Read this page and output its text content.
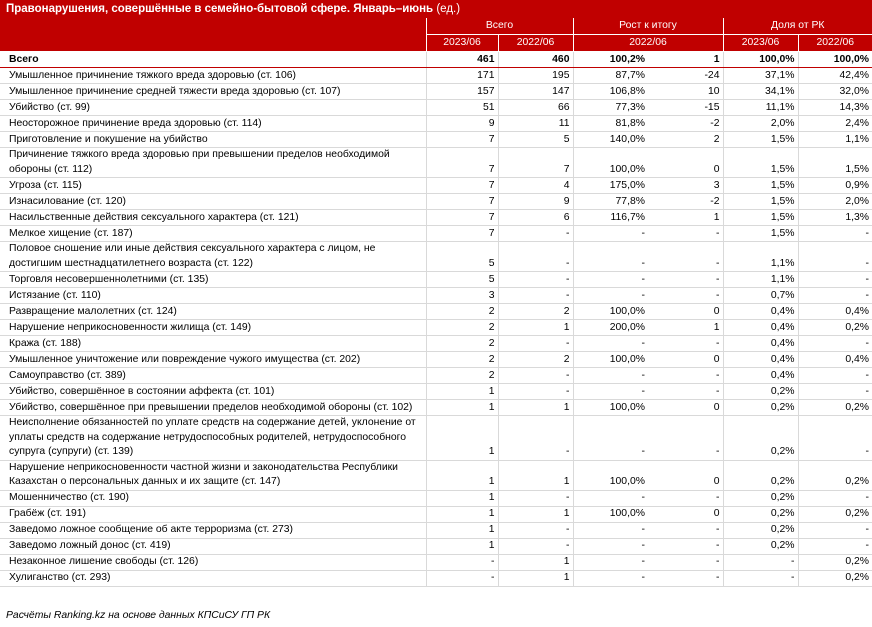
Правонарушения, совершённые в семейно-бытовой сфере. Январь–июнь (ед.)
	Всего		Рост к итогу		Доля от РК	
	2023/06	2022/06	2022/06		2023/06	2022/06
Всего	461	460	100,2%	1	100,0%	100,0%
Умышленное причинение тяжкого вреда здоровью (ст. 106)	171	195	87,7%	-24	37,1%	42,4%
Умышленное причинение средней тяжести вреда здоровью (ст. 107)	157	147	106,8%	10	34,1%	32,0%
Убийство (ст. 99)	51	66	77,3%	-15	11,1%	14,3%
Неосторожное причинение вреда здоровью (ст. 114)	9	11	81,8%	-2	2,0%	2,4%
Приготовление и покушение на убийство	7	5	140,0%	2	1,5%	1,1%
Причинение тяжкого вреда здоровью при превышении пределов необходимой обороны (ст. 112)	7	7	100,0%	0	1,5%	1,5%
Угроза (ст. 115)	7	4	175,0%	3	1,5%	0,9%
Изнасилование (ст. 120)	7	9	77,8%	-2	1,5%	2,0%
Насильственные действия сексуального характера (ст. 121)	7	6	116,7%	1	1,5%	1,3%
Мелкое хищение (ст. 187)	7	-	-	-	1,5%	-
Половое сношение или иные действия сексуального характера с лицом, не достигшим шестнадцатилетнего возраста (ст. 122)	5	-	-	-	1,1%	-
Торговля несовершеннолетними (ст. 135)	5	-	-	-	1,1%	-
Истязание (ст. 110)	3	-	-	-	0,7%	-
Развращение малолетних (ст. 124)	2	2	100,0%	0	0,4%	0,4%
Нарушение неприкосновенности жилища (ст. 149)	2	1	200,0%	1	0,4%	0,2%
Кража (ст. 188)	2	-	-	-	0,4%	-
Умышленное уничтожение или повреждение чужого имущества (ст. 202)	2	2	100,0%	0	0,4%	0,4%
Самоуправство (ст. 389)	2	-	-	-	0,4%	-
Убийство, совершённое в состоянии аффекта (ст. 101)	1	-	-	-	0,2%	-
Убийство, совершённое при превышении пределов необходимой обороны (ст. 102)	1	1	100,0%	0	0,2%	0,2%
Неисполнение обязанностей по уплате средств на содержание детей, уклонение от уплаты средств на содержание нетрудоспособных родителей, нетрудоспособного супруга (супруги) (ст. 139)	1	-	-	-	0,2%	-
Нарушение неприкосновенности частной жизни и законодательства Республики Казахстан о персональных данных и их защите (ст. 147)	1	1	100,0%	0	0,2%	0,2%
Мошенничество (ст. 190)	1	-	-	-	0,2%	-
Грабёж (ст. 191)	1	1	100,0%	0	0,2%	0,2%
Заведомо ложное сообщение об акте терроризма (ст. 273)	1	-	-	-	0,2%	-
Заведомо ложный донос (ст. 419)	1	-	-	-	0,2%	-
Незаконное лишение свободы (ст. 126)	-	1	-	-	-	0,2%
Хулиганство (ст. 293)	-	1	-	-	-	0,2%
Расчёты Ranking.kz на основе данных КПСиСУ ГП РК
